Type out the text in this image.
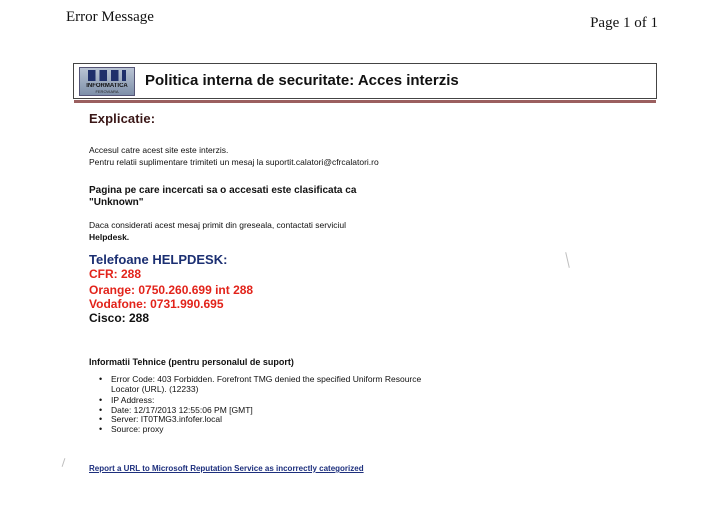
Error Message	Page 1 of 1
INFORMATICA
FEROVIARA
Politica interna de securitate: Acces interzis
Explicatie:
Accesul catre acest site este interzis.
Pentru relatii suplimentare trimiteti un mesaj la suportit.calatori@cfrcalatori.ro
Pagina pe care incercati sa o accesati este clasificata ca
"Unknown"
Daca considerati acest mesaj primit din greseala, contactati serviciul
Helpdesk.
Telefoane HELPDESK:
CFR: 288
Orange: 0750.260.699 int 288
Vodafone: 0731.990.695
Cisco: 288
Informatii Tehnice (pentru personalul de suport)
• Error Code: 403 Forbidden. Forefront TMG denied the specified Uniform Resource Locator (URL). (12233)
• IP Address:
• Date: 12/17/2013 12:55:06 PM [GMT]
• Server: IT0TMG3.infofer.local
• Source: proxy
Report a URL to Microsoft Reputation Service as incorrectly categorized
